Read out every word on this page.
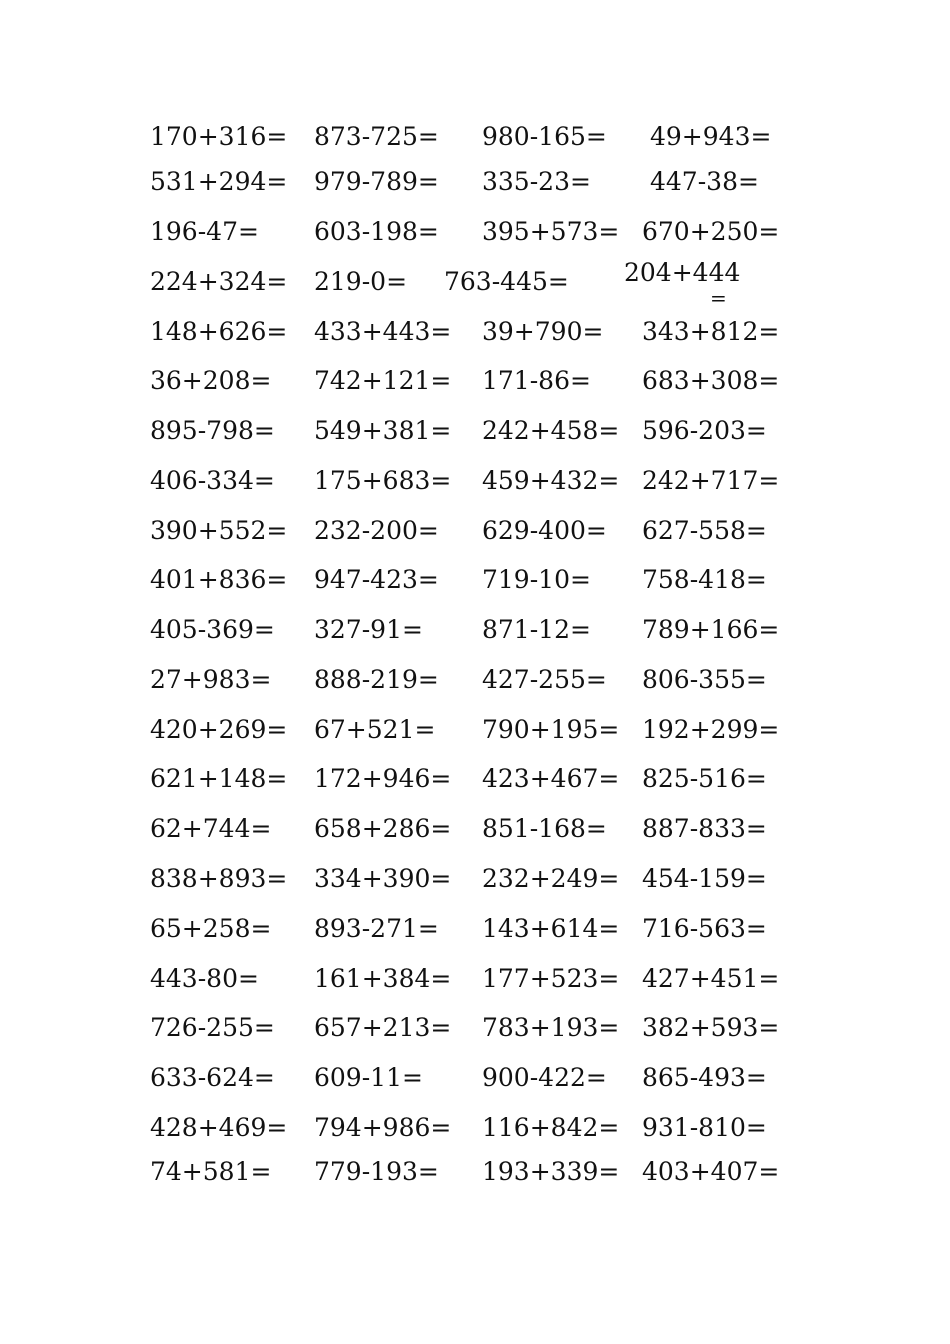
170+316= 873-725= 980-165= 49+943=
531+294= 979-789= 335-23= 447-38=
196-47= 603-198= 395+573= 670+250=
224+324= 219-0= 763-445= 204+444
=
148+626= 433+443= 39+790= 343+812=
36+208= 742+121= 171-86= 683+308=
895-798= 549+381= 242+458= 596-203=
406-334= 175+683= 459+432= 242+717=
390+552= 232-200= 629-400= 627-558=
401+836= 947-423= 719-10= 758-418=
405-369= 327-91= 871-12= 789+166=
27+983= 888-219= 427-255= 806-355=
420+269= 67+521= 790+195= 192+299=
621+148= 172+946= 423+467= 825-516=
62+744= 658+286= 851-168= 887-833=
838+893= 334+390= 232+249= 454-159=
65+258= 893-271= 143+614= 716-563=
443-80= 161+384= 177+523= 427+451=
726-255= 657+213= 783+193= 382+593=
633-624= 609-11= 900-422= 865-493=
428+469= 794+986= 116+842= 931-810=
74+581= 779-193= 193+339= 403+407=
